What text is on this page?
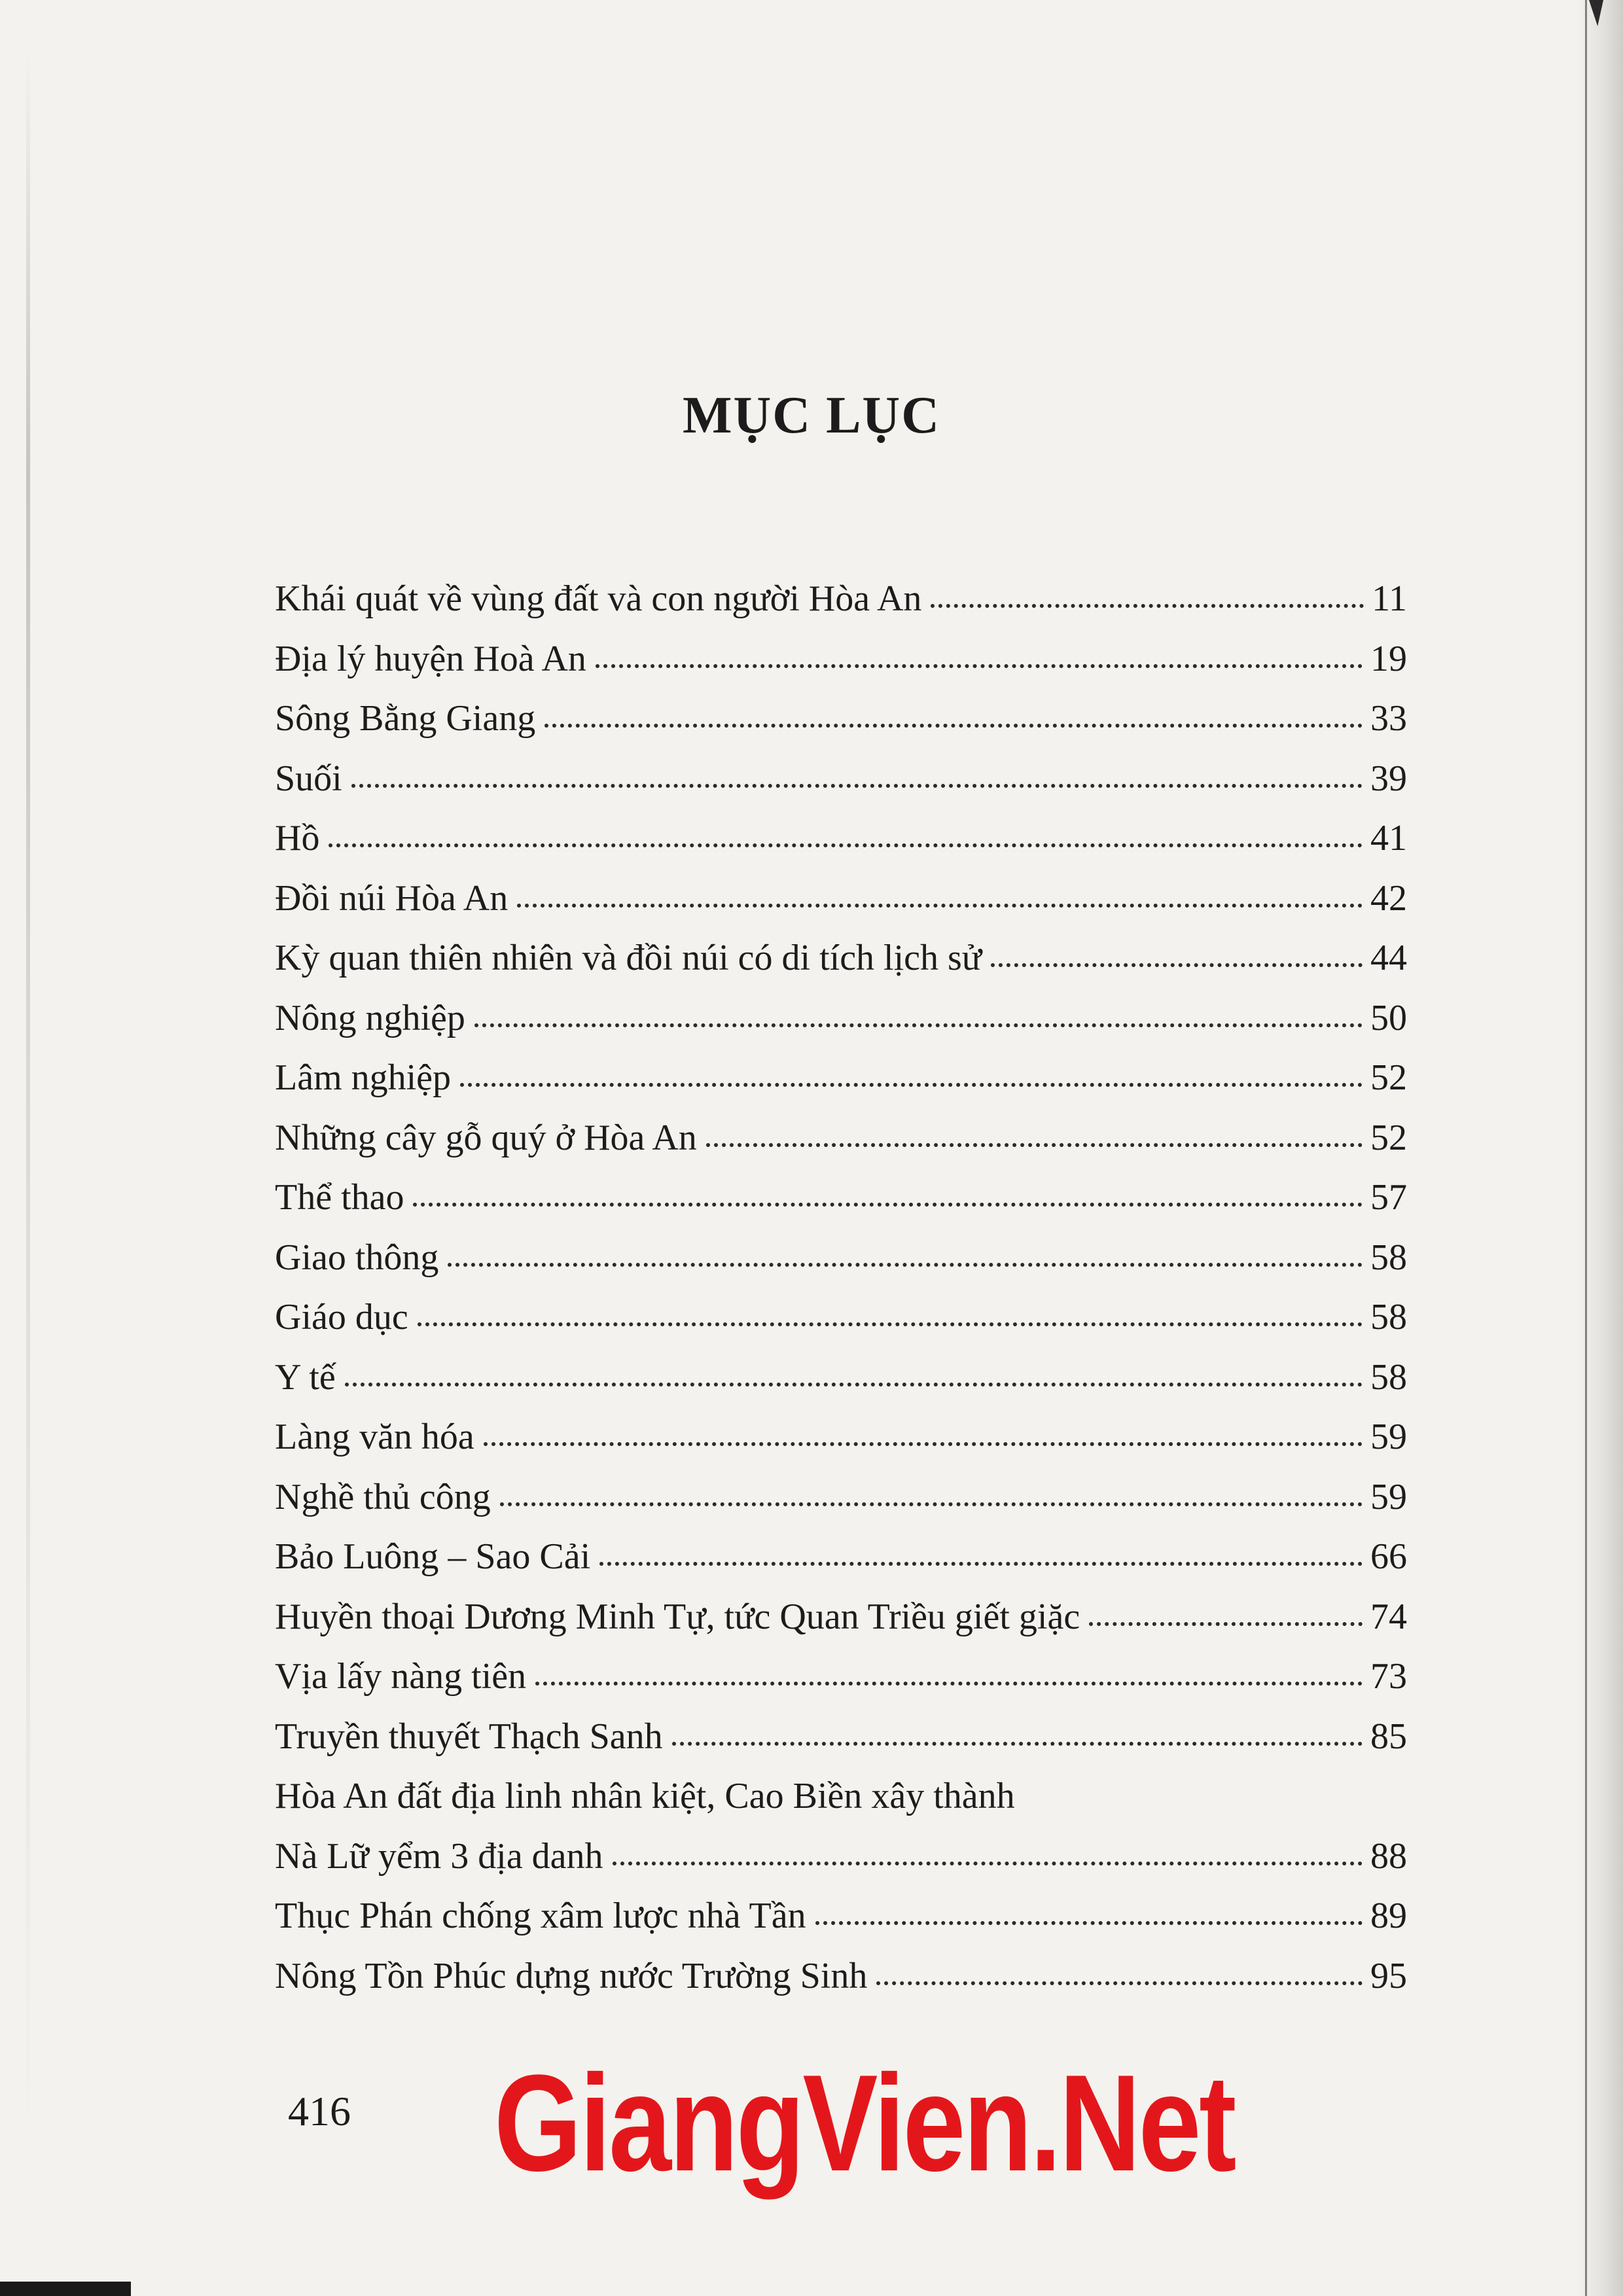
MỤC LỤC
Khái quát về vùng đất và con người Hòa An	11
Địa lý huyện Hoà An	19
Sông Bằng Giang	33
Suối	39
Hồ	41
Đồi núi Hòa An	42
Kỳ quan thiên nhiên và đồi núi có di tích lịch sử	44
Nông nghiệp	50
Lâm nghiệp	52
Những cây gỗ quý ở Hòa An	52
Thể thao	57
Giao thông	58
Giáo dục	58
Y tế	58
Làng văn hóa	59
Nghề thủ công	59
Bảo Luông – Sao Cải	66
Huyền thoại Dương Minh Tự, tức Quan Triều giết giặc	74
Vịa lấy nàng tiên	73
Truyền thuyết Thạch Sanh	85
Hòa An đất địa linh nhân kiệt, Cao Biền xây thành
Nà Lữ yểm 3 địa danh	88
Thục Phán chống xâm lược nhà Tần	89
Nông Tồn Phúc dựng nước Trường Sinh	95
416 GiangVien.Net
